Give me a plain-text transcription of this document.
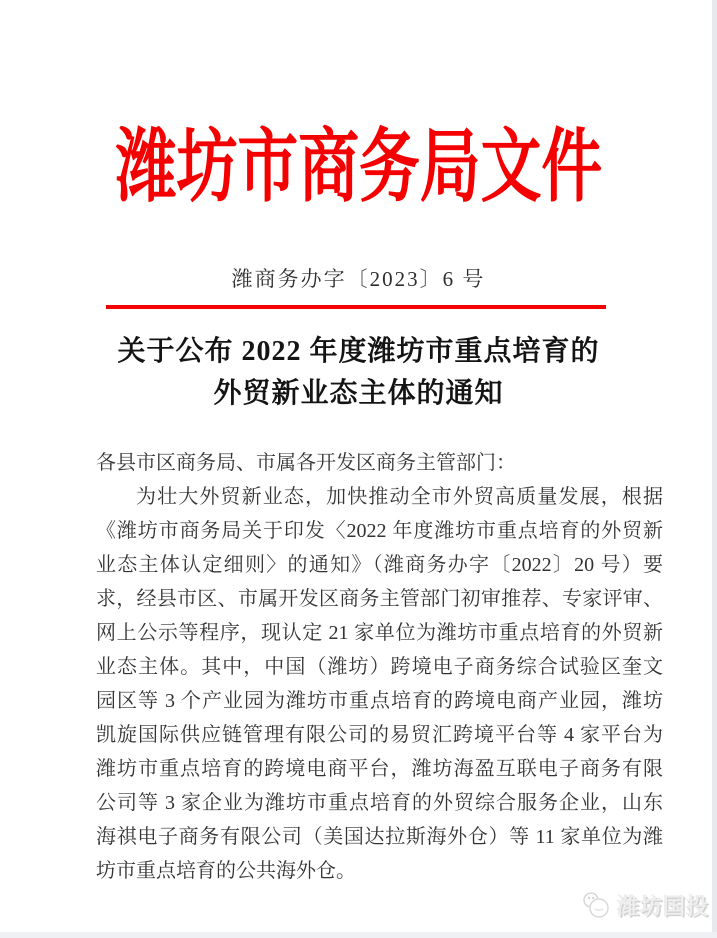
潍坊市商务局文件
潍商务办字〔2023〕6 号
关于公布 2022 年度潍坊市重点培育的
外贸新业态主体的通知
各县市区商务局、市属各开发区商务主管部门：
为壮大外贸新业态，加快推动全市外贸高质量发展，根据
《潍坊市商务局关于印发〈2022 年度潍坊市重点培育的外贸新
业态主体认定细则〉的通知》（潍商务办字〔2022〕20 号）要
求，经县市区、市属开发区商务主管部门初审推荐、专家评审、
网上公示等程序，现认定 21 家单位为潍坊市重点培育的外贸新
业态主体。其中，中国（潍坊）跨境电子商务综合试验区奎文
园区等 3 个产业园为潍坊市重点培育的跨境电商产业园，潍坊
凯旋国际供应链管理有限公司的易贸汇跨境平台等 4 家平台为
潍坊市重点培育的跨境电商平台，潍坊海盈互联电子商务有限
公司等 3 家企业为潍坊市重点培育的外贸综合服务企业，山东
海祺电子商务有限公司（美国达拉斯海外仓）等 11 家单位为潍
坊市重点培育的公共海外仓。
潍坊国投
